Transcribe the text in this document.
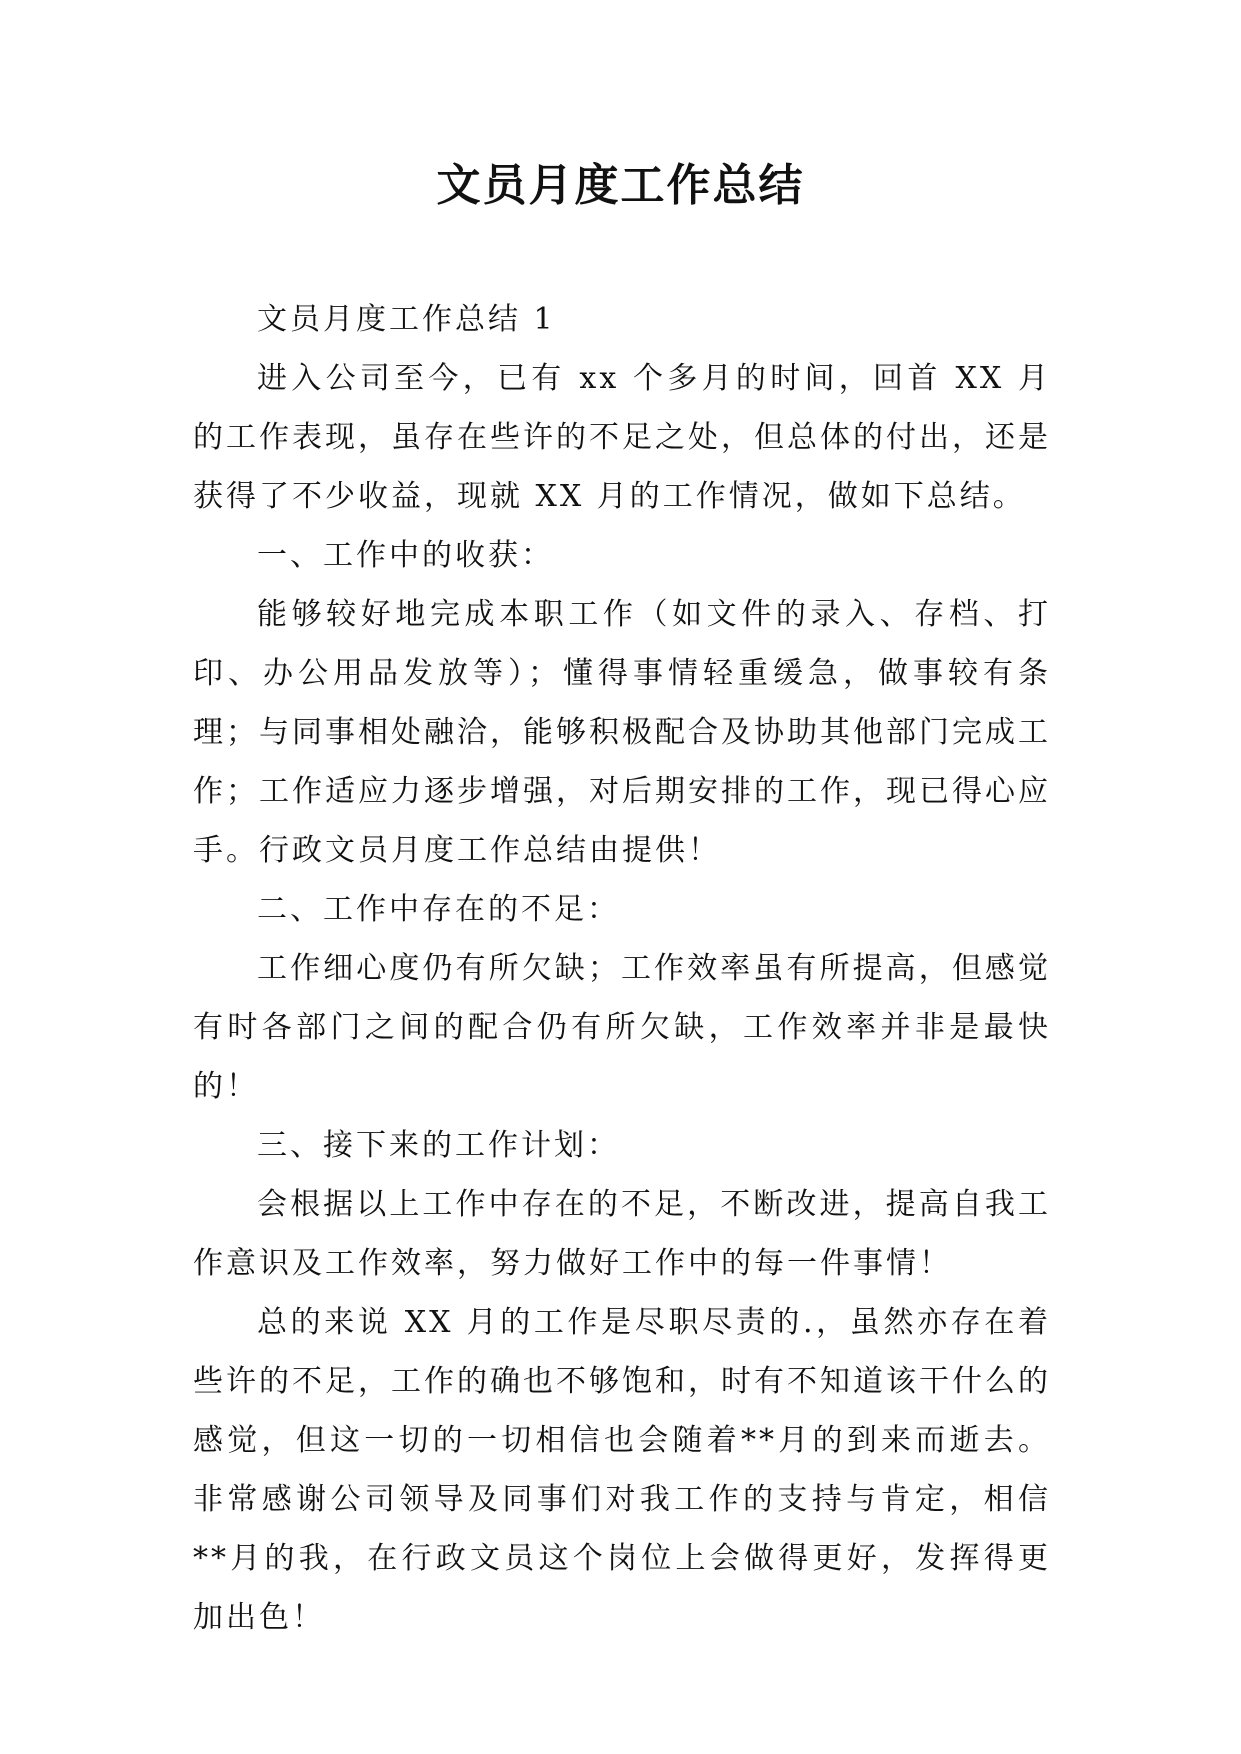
文员月度工作总结

文员月度工作总结 1

进入公司至今，已有 xx 个多月的时间，回首 XX 月的工作表现，虽存在些许的不足之处，但总体的付出，还是获得了不少收益，现就 XX 月的工作情况，做如下总结。

一、工作中的收获：

能够较好地完成本职工作（如文件的录入、存档、打印、办公用品发放等）；懂得事情轻重缓急，做事较有条理；与同事相处融洽，能够积极配合及协助其他部门完成工作；工作适应力逐步增强，对后期安排的工作，现已得心应手。行政文员月度工作总结由提供！

二、工作中存在的不足：

工作细心度仍有所欠缺；工作效率虽有所提高，但感觉有时各部门之间的配合仍有所欠缺，工作效率并非是最快的！

三、接下来的工作计划：

会根据以上工作中存在的不足，不断改进，提高自我工作意识及工作效率，努力做好工作中的每一件事情！

总的来说 XX 月的工作是尽职尽责的.，虽然亦存在着些许的不足，工作的确也不够饱和，时有不知道该干什么的感觉，但这一切的一切相信也会随着**月的到来而逝去。非常感谢公司领导及同事们对我工作的支持与肯定，相信**月的我，在行政文员这个岗位上会做得更好，发挥得更加出色！
